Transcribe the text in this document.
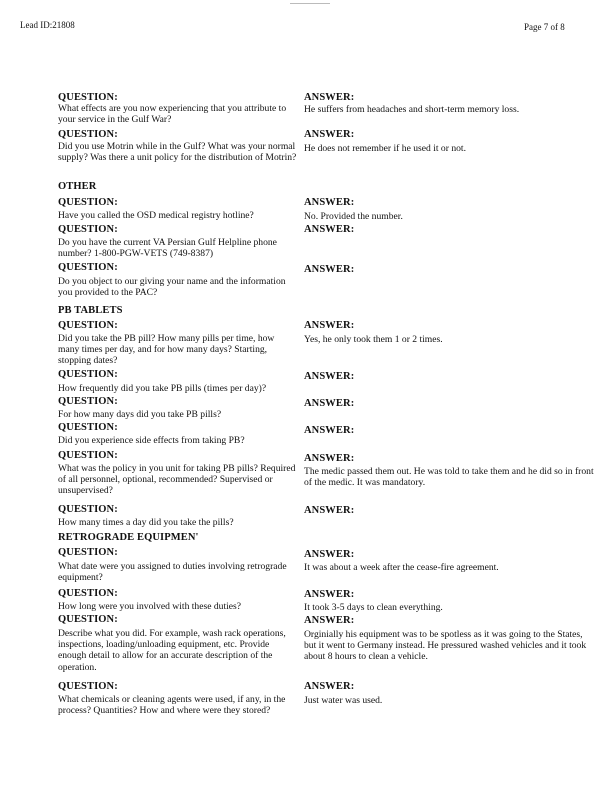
Lead ID:21808	Page 7 of 8
QUESTION:
What effects are you now experiencing that you attribute to your service in the Gulf War?
ANSWER:
He suffers from headaches and short-term memory loss.
QUESTION:
Did you use Motrin while in the Gulf? What was your normal supply? Was there a unit policy for the distribution of Motrin?
ANSWER:
He does not remember if he used it or not.
OTHER
QUESTION:
Have you called the OSD medical registry hotline?
ANSWER:
No. Provided the number.
QUESTION:
Do you have the current VA Persian Gulf Helpline phone number? 1-800-PGW-VETS (749-8387)
ANSWER:
QUESTION:
Do you object to our giving your name and the information you provided to the PAC?
ANSWER:
PB TABLETS
QUESTION:
Did you take the PB pill? How many pills per time, how many times per day, and for how many days? Starting, stopping dates?
ANSWER:
Yes, he only took them 1 or 2 times.
QUESTION:
How frequently did you take PB pills (times per day)?
ANSWER:
QUESTION:
For how many days did you take PB pills?
ANSWER:
QUESTION:
Did you experience side effects from taking PB?
ANSWER:
QUESTION:
What was the policy in you unit for taking PB pills? Required of all personnel, optional, recommended? Supervised or unsupervised?
ANSWER:
The medic passed them out. He was told to take them and he did so in front of the medic. It was mandatory.
QUESTION:
How many times a day did you take the pills?
ANSWER:
RETROGRADE EQUIPMEN'
QUESTION:
What date were you assigned to duties involving retrograde equipment?
ANSWER:
It was about a week after the cease-fire agreement.
QUESTION:
How long were you involved with these duties?
ANSWER:
It took 3-5 days to clean everything.
QUESTION:
Describe what you did. For example, wash rack operations, inspections, loading/unloading equipment, etc. Provide enough detail to allow for an accurate description of the operation.
ANSWER:
Orginially his equipment was to be spotless as it was going to the States, but it went to Germany instead. He pressured washed vehicles and it took about 8 hours to clean a vehicle.
QUESTION:
What chemicals or cleaning agents were used, if any, in the process? Quantities? How and where were they stored?
ANSWER:
Just water was used.
